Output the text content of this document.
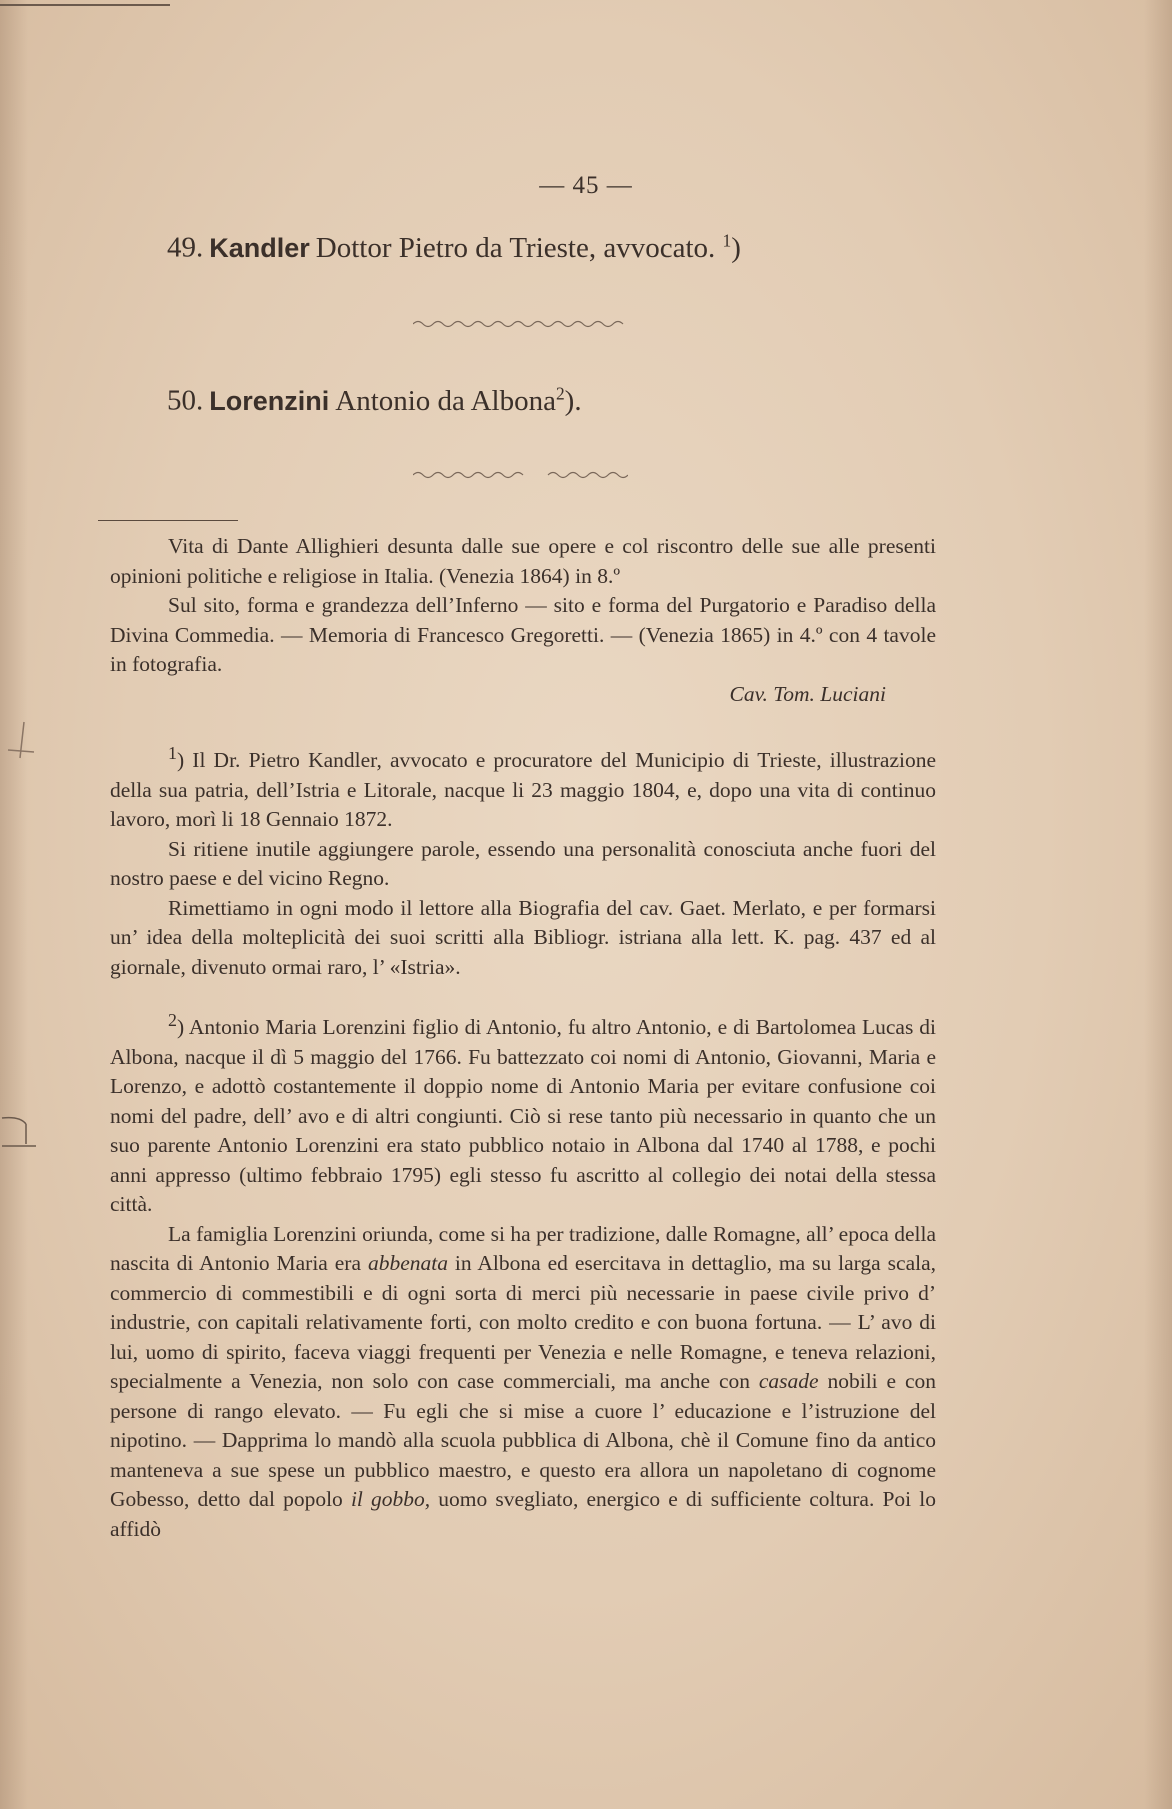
— 45 —
49. Kandler Dottor Pietro da Trieste, avvocato. $^1$)
50. Lorenzini Antonio da Albona$^2$).

Vita di Dante Allighieri desunta dalle sue opere e col riscontro delle sue alle presenti opinioni politiche e religiose in Italia. (Venezia 1864) in 8.º

Sul sito, forma e grandezza dell’Inferno — sito e forma del Purgatorio e Paradiso della Divina Commedia. — Memoria di Francesco Gregoretti. — (Venezia 1865) in 4.º con 4 tavole in fotografia.

Cav. Tom. Luciani

$^1$) Il Dr. Pietro Kandler, avvocato e procuratore del Municipio di Trieste, illustrazione della sua patria, dell’Istria e Litorale, nacque li 23 maggio 1804, e, dopo una vita di continuo lavoro, morì li 18 Gennaio 1872.

Si ritiene inutile aggiungere parole, essendo una personalità conosciuta anche fuori del nostro paese e del vicino Regno.

Rimettiamo in ogni modo il lettore alla Biografia del cav. Gaet. Merlato, e per formarsi un’ idea della molteplicità dei suoi scritti alla Bibliogr. istriana alla lett. K. pag. 437 ed al giornale, divenuto ormai raro, l’ «Istria».

$^2$) Antonio Maria Lorenzini figlio di Antonio, fu altro Antonio, e di Bartolomea Lucas di Albona, nacque il dì 5 maggio del 1766. Fu battezzato coi nomi di Antonio, Giovanni, Maria e Lorenzo, e adottò costantemente il doppio nome di Antonio Maria per evitare confusione coi nomi del padre, dell’ avo e di altri congiunti. Ciò si rese tanto più necessario in quanto che un suo parente Antonio Lorenzini era stato pubblico notaio in Albona dal 1740 al 1788, e pochi anni appresso (ultimo febbraio 1795) egli stesso fu ascritto al collegio dei notai della stessa città.

La famiglia Lorenzini oriunda, come si ha per tradizione, dalle Romagne, all’ epoca della nascita di Antonio Maria era abbenata in Albona ed esercitava in dettaglio, ma su larga scala, commercio di commestibili e di ogni sorta di merci più necessarie in paese civile privo d’ industrie, con capitali relativamente forti, con molto credito e con buona fortuna. — L’ avo di lui, uomo di spirito, faceva viaggi frequenti per Venezia e nelle Romagne, e teneva relazioni, specialmente a Venezia, non solo con case commerciali, ma anche con casade nobili e con persone di rango elevato. — Fu egli che si mise a cuore l’ educazione e l’istruzione del nipotino. — Dapprima lo mandò alla scuola pubblica di Albona, chè il Comune fino da antico manteneva a sue spese un pubblico maestro, e questo era allora un napoletano di cognome Gobesso, detto dal popolo il gobbo, uomo svegliato, energico e di sufficiente coltura. Poi lo affidò
